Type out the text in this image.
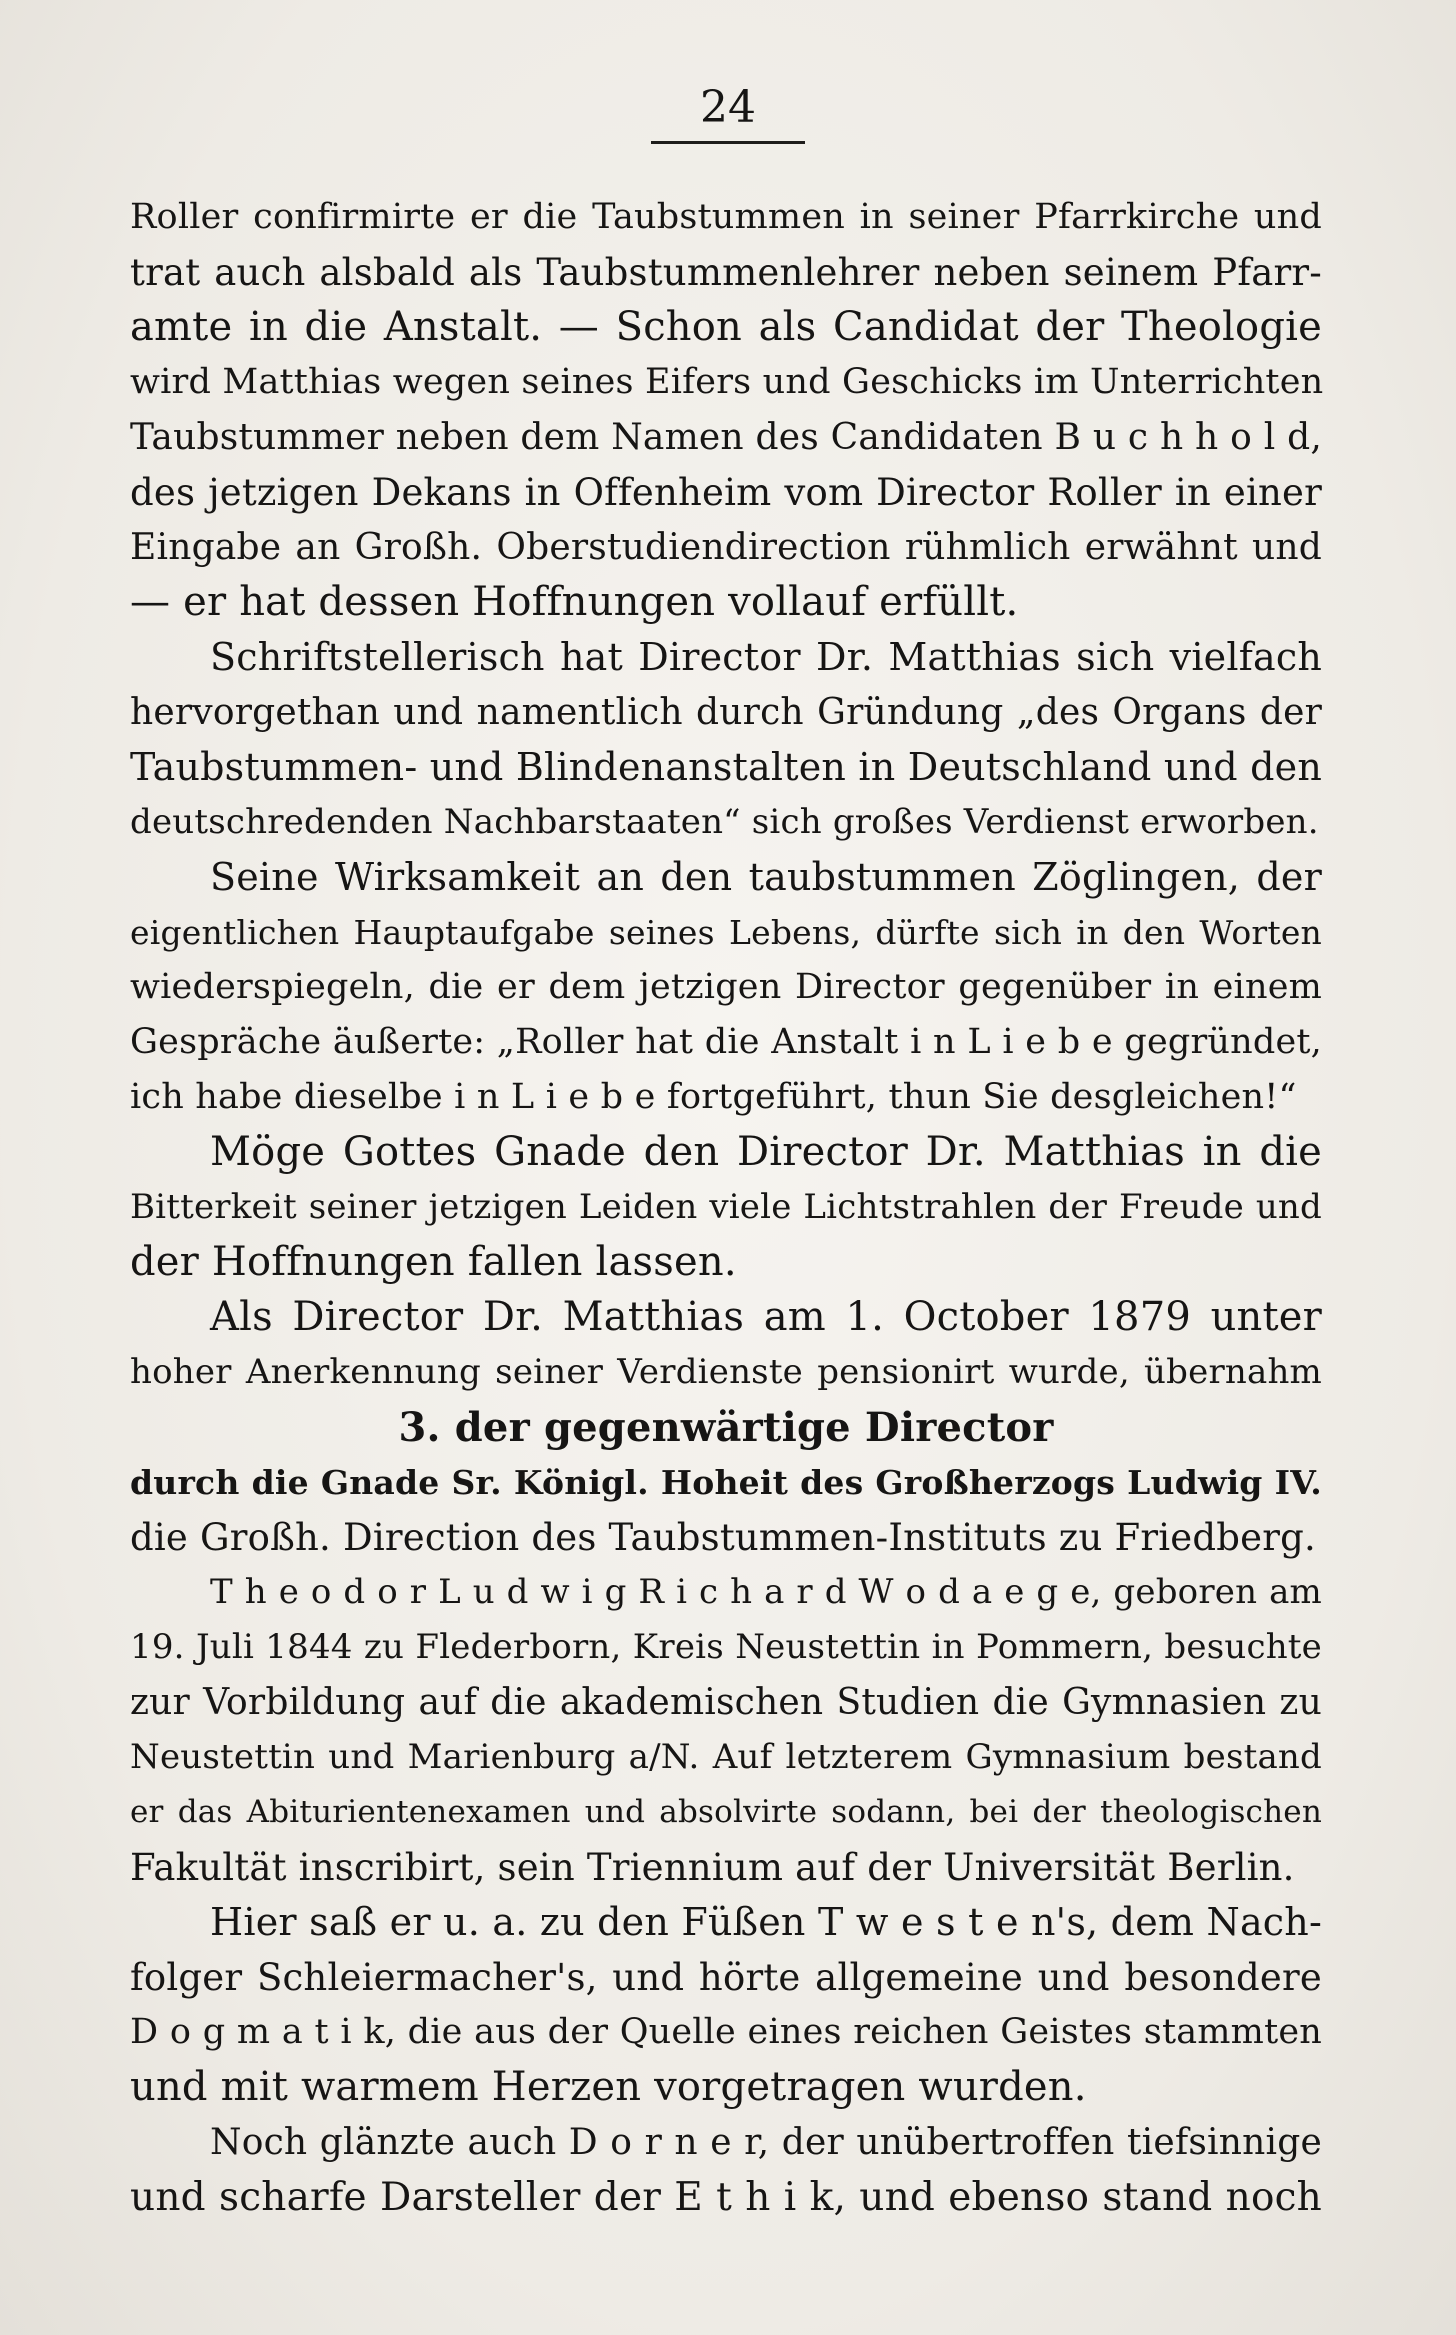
24
Roller confirmirte er die Taubstummen in seiner Pfarrkirche und
trat auch alsbald als Taubstummenlehrer neben seinem Pfarr-
amte in die Anstalt. — Schon als Candidat der Theologie
wird Matthias wegen seines Eifers und Geschicks im Unterrichten
Taubstummer neben dem Namen des Candidaten B u c h h o l d,
des jetzigen Dekans in Offenheim vom Director Roller in einer
Eingabe an Großh. Oberstudiendirection rühmlich erwähnt und
— er hat dessen Hoffnungen vollauf erfüllt.
Schriftstellerisch hat Director Dr. Matthias sich vielfach
hervorgethan und namentlich durch Gründung „des Organs der
Taubstummen- und Blindenanstalten in Deutschland und den
deutschredenden Nachbarstaaten“ sich großes Verdienst erworben.
Seine Wirksamkeit an den taubstummen Zöglingen, der
eigentlichen Hauptaufgabe seines Lebens, dürfte sich in den Worten
wiederspiegeln, die er dem jetzigen Director gegenüber in einem
Gespräche äußerte: „Roller hat die Anstalt i n L i e b e gegründet,
ich habe dieselbe i n L i e b e fortgeführt, thun Sie desgleichen!“
Möge Gottes Gnade den Director Dr. Matthias in die
Bitterkeit seiner jetzigen Leiden viele Lichtstrahlen der Freude und
der Hoffnungen fallen lassen.
Als Director Dr. Matthias am 1. October 1879 unter
hoher Anerkennung seiner Verdienste pensionirt wurde, übernahm
3. der gegenwärtige Director
durch die Gnade Sr. Königl. Hoheit des Großherzogs Ludwig IV.
die Großh. Direction des Taubstummen-Instituts zu Friedberg.
T h e o d o r L u d w i g R i c h a r d W o d a e g e, geboren am
19. Juli 1844 zu Flederborn, Kreis Neustettin in Pommern, besuchte
zur Vorbildung auf die akademischen Studien die Gymnasien zu
Neustettin und Marienburg a/N. Auf letzterem Gymnasium bestand
er das Abiturientenexamen und absolvirte sodann, bei der theologischen
Fakultät inscribirt, sein Triennium auf der Universität Berlin.
Hier saß er u. a. zu den Füßen T w e s t e n's, dem Nach-
folger Schleiermacher's, und hörte allgemeine und besondere
D o g m a t i k, die aus der Quelle eines reichen Geistes stammten
und mit warmem Herzen vorgetragen wurden.
Noch glänzte auch D o r n e r, der unübertroffen tiefsinnige
und scharfe Darsteller der E t h i k, und ebenso stand noch
